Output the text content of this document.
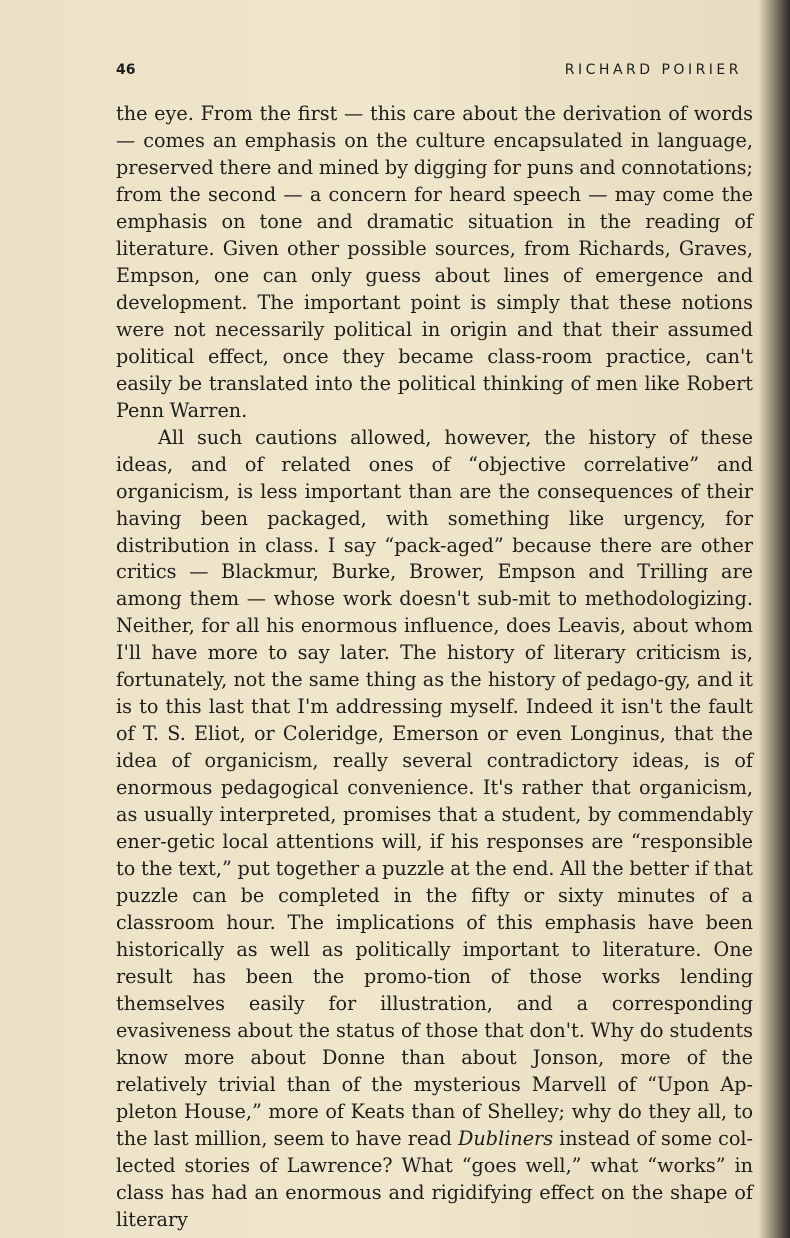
46	RICHARD POIRIER

the eye. From the first — this care about the derivation of words — comes an emphasis on the culture encapsulated in language, preserved there and mined by digging for puns and connotations; from the second — a concern for heard speech — may come the emphasis on tone and dramatic situation in the reading of literature. Given other possible sources, from Richards, Graves, Empson, one can only guess about lines of emergence and development. The important point is simply that these notions were not necessarily political in origin and that their assumed political effect, once they became class-room practice, can't easily be translated into the political thinking of men like Robert Penn Warren.

All such cautions allowed, however, the history of these ideas, and of related ones of “objective correlative” and organicism, is less important than are the consequences of their having been packaged, with something like urgency, for distribution in class. I say “pack-aged” because there are other critics — Blackmur, Burke, Brower, Empson and Trilling are among them — whose work doesn't sub-mit to methodologizing. Neither, for all his enormous influence, does Leavis, about whom I'll have more to say later. The history of literary criticism is, fortunately, not the same thing as the history of pedago-gy, and it is to this last that I'm addressing myself. Indeed it isn't the fault of T. S. Eliot, or Coleridge, Emerson or even Longinus, that the idea of organicism, really several contradictory ideas, is of enormous pedagogical convenience. It's rather that organicism, as usually interpreted, promises that a student, by commendably ener-getic local attentions will, if his responses are “responsible to the text,” put together a puzzle at the end. All the better if that puzzle can be completed in the fifty or sixty minutes of a classroom hour. The implications of this emphasis have been historically as well as politically important to literature. One result has been the promo-tion of those works lending themselves easily for illustration, and a corresponding evasiveness about the status of those that don't. Why do students know more about Donne than about Jonson, more of the relatively trivial than of the mysterious Marvell of “Upon Ap-pleton House,” more of Keats than of Shelley; why do they all, to the last million, seem to have read Dubliners instead of some col-lected stories of Lawrence? What “goes well,” what “works” in class has had an enormous and rigidifying effect on the shape of literary
